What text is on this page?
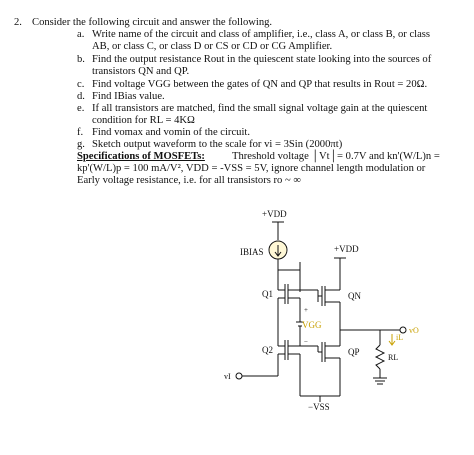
2. Consider the following circuit and answer the following.
a. Write name of the circuit and class of amplifier, i.e., class A, or class B, or class
AB, or class C, or class D or CS or CD or CG Amplifier.
b. Find the output resistance Rout in the quiescent state looking into the sources of
transistors QN and QP.
c. Find voltage VGG between the gates of QN and QP that results in Rout = 20Ω.
d. Find IBias value.
e. If all transistors are matched, find the small signal voltage gain at the quiescent
condition for RL = 4KΩ
f. Find vomax and vomin of the circuit.
g. Sketch output waveform to the scale for vi = 3Sin (2000πt)
Specifications of MOSFETs:	Threshold voltage │Vt│= 0.7V and kn'(W/L)n =
kp'(W/L)p = 100 mA/V², VDD = -VSS = 5V, ignore channel length modulation or
Early voltage resistance, i.e. for all transistors ro ~ ∞
+VDD
IBIAS	+VDD
Q1	QN
VGG
+
−	iL
vO
RL
Q2	QP
−VSS
vI
